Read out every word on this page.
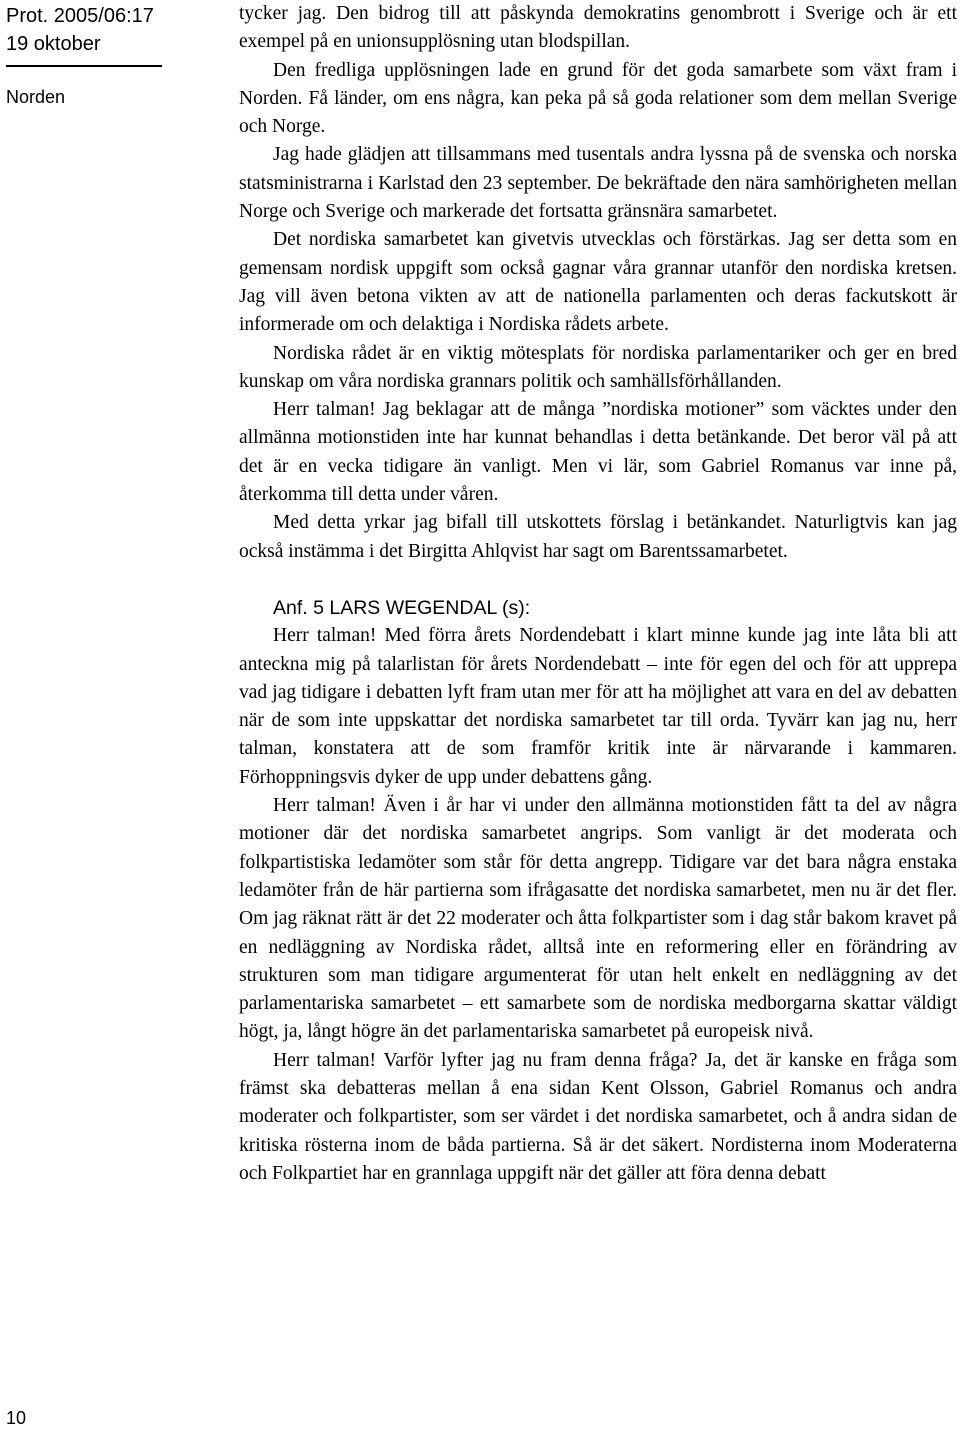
Prot. 2005/06:17
19 oktober
Norden
10

tycker jag. Den bidrog till att påskynda demokratins genombrott i Sverige och är ett exempel på en unionsupplösning utan blodspillan.

Den fredliga upplösningen lade en grund för det goda samarbete som växt fram i Norden. Få länder, om ens några, kan peka på så goda relationer som dem mellan Sverige och Norge.

Jag hade glädjen att tillsammans med tusentals andra lyssna på de svenska och norska statsministrarna i Karlstad den 23 september. De bekräftade den nära samhörigheten mellan Norge och Sverige och markerade det fortsatta gränsnära samarbetet.

Det nordiska samarbetet kan givetvis utvecklas och förstärkas. Jag ser detta som en gemensam nordisk uppgift som också gagnar våra grannar utanför den nordiska kretsen. Jag vill även betona vikten av att de nationella parlamenten och deras fackutskott är informerade om och delaktiga i Nordiska rådets arbete.

Nordiska rådet är en viktig mötesplats för nordiska parlamentariker och ger en bred kunskap om våra nordiska grannars politik och samhällsförhållanden.

Herr talman! Jag beklagar att de många ”nordiska motioner” som väcktes under den allmänna motionstiden inte har kunnat behandlas i detta betänkande. Det beror väl på att det är en vecka tidigare än vanligt. Men vi lär, som Gabriel Romanus var inne på, återkomma till detta under våren.

Med detta yrkar jag bifall till utskottets förslag i betänkandet. Naturligtvis kan jag också instämma i det Birgitta Ahlqvist har sagt om Barentssamarbetet.

Anf. 5 LARS WEGENDAL (s):

Herr talman! Med förra årets Nordendebatt i klart minne kunde jag inte låta bli att anteckna mig på talarlistan för årets Nordendebatt – inte för egen del och för att upprepa vad jag tidigare i debatten lyft fram utan mer för att ha möjlighet att vara en del av debatten när de som inte uppskattar det nordiska samarbetet tar till orda. Tyvärr kan jag nu, herr talman, konstatera att de som framför kritik inte är närvarande i kammaren. Förhoppningsvis dyker de upp under debattens gång.

Herr talman! Även i år har vi under den allmänna motionstiden fått ta del av några motioner där det nordiska samarbetet angrips. Som vanligt är det moderata och folkpartistiska ledamöter som står för detta angrepp. Tidigare var det bara några enstaka ledamöter från de här partierna som ifrågasatte det nordiska samarbetet, men nu är det fler. Om jag räknat rätt är det 22 moderater och åtta folkpartister som i dag står bakom kravet på en nedläggning av Nordiska rådet, alltså inte en reformering eller en förändring av strukturen som man tidigare argumenterat för utan helt enkelt en nedläggning av det parlamentariska samarbetet – ett samarbete som de nordiska medborgarna skattar väldigt högt, ja, långt högre än det parlamentariska samarbetet på europeisk nivå.

Herr talman! Varför lyfter jag nu fram denna fråga? Ja, det är kanske en fråga som främst ska debatteras mellan å ena sidan Kent Olsson, Gabriel Romanus och andra moderater och folkpartister, som ser värdet i det nordiska samarbetet, och å andra sidan de kritiska rösterna inom de båda partierna. Så är det säkert. Nordisterna inom Moderaterna och Folkpartiet har en grannlaga uppgift när det gäller att föra denna debatt
